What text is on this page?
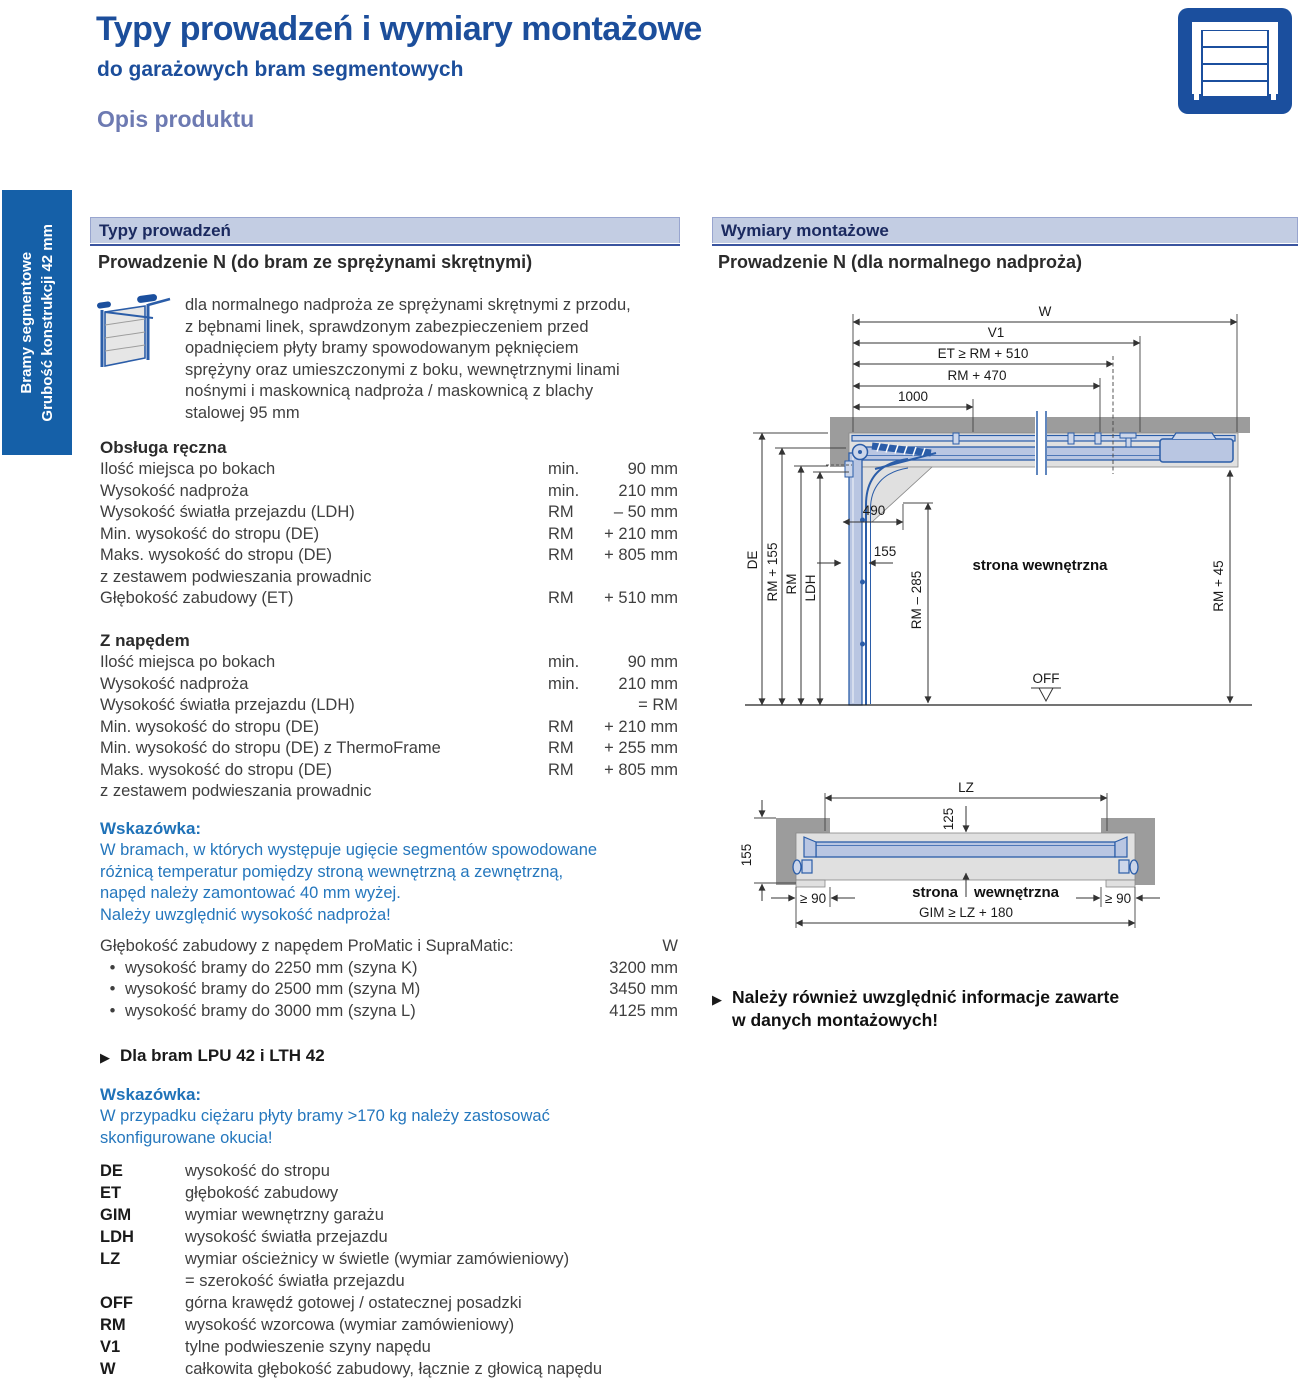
Bramy segmentowe Grubość konstrukcji 42 mm
Typy prowadzeń i wymiary montażowe
do garażowych bram segmentowych
Opis produktu
Typy prowadzeń
Prowadzenie N (do bram ze sprężynami skrętnymi)
dla normalnego nadproża ze sprężynami skrętnymi z przodu,
z bębnami linek, sprawdzonym zabezpieczeniem przed
opadnięciem płyty bramy spowodowanym pęknięciem
sprężyny oraz umieszczonymi z boku, wewnętrznymi linami
nośnymi i maskownicą nadproża / maskownicą z blachy
stalowej 95 mm
Obsługa ręczna
Ilość miejsca po bokach	min.	90 mm
Wysokość nadproża	min.	210 mm
Wysokość światła przejazdu (LDH)	RM	– 50 mm
Min. wysokość do stropu (DE)	RM	+ 210 mm
Maks. wysokość do stropu (DE)	RM	+ 805 mm
z zestawem podwieszania prowadnic
Głębokość zabudowy (ET)	RM	+ 510 mm
Z napędem
Ilość miejsca po bokach	min.	90 mm
Wysokość nadproża	min.	210 mm
Wysokość światła przejazdu (LDH)	= RM
Min. wysokość do stropu (DE)	RM	+ 210 mm
Min. wysokość do stropu (DE) z ThermoFrame	RM	+ 255 mm
Maks. wysokość do stropu (DE)	RM	+ 805 mm
z zestawem podwieszania prowadnic
Wskazówka:
W bramach, w których występuje ugięcie segmentów spowodowane
różnicą temperatur pomiędzy stroną wewnętrzną a zewnętrzną,
napęd należy zamontować 40 mm wyżej.
Należy uwzględnić wysokość nadproża!
Głębokość zabudowy z napędem ProMatic i SupraMatic:	W
• wysokość bramy do 2250 mm (szyna K)	3200 mm
• wysokość bramy do 2500 mm (szyna M)	3450 mm
• wysokość bramy do 3000 mm (szyna L)	4125 mm
▶ Dla bram LPU 42 i LTH 42
Wskazówka:
W przypadku ciężaru płyty bramy >170 kg należy zastosować
skonfigurowane okucia!
DE	wysokość do stropu
ET	głębokość zabudowy
GIM	wymiar wewnętrzny garażu
LDH	wysokość światła przejazdu
LZ	wymiar ościeżnicy w świetle (wymiar zamówieniowy)
= szerokość światła przejazdu
OFF	górna krawędź gotowej / ostatecznej posadzki
RM	wysokość wzorcowa (wymiar zamówieniowy)
V1	tylne podwieszenie szyny napędu
W	całkowita głębokość zabudowy, łącznie z głowicą napędu
Wymiary montażowe
Prowadzenie N (dla normalnego nadproża)
W
V1
ET ≥ RM + 510
RM + 470
1000
490
155
DE RM + 155 RM LDH	RM – 285	RM + 45
OFF
strona wewnętrzna
LZ
125
155
≥ 90	≥ 90
GIM ≥ LZ + 180
strona wewnętrzna
▶ Należy również uwzględnić informacje zawarte
w danych montażowych!
